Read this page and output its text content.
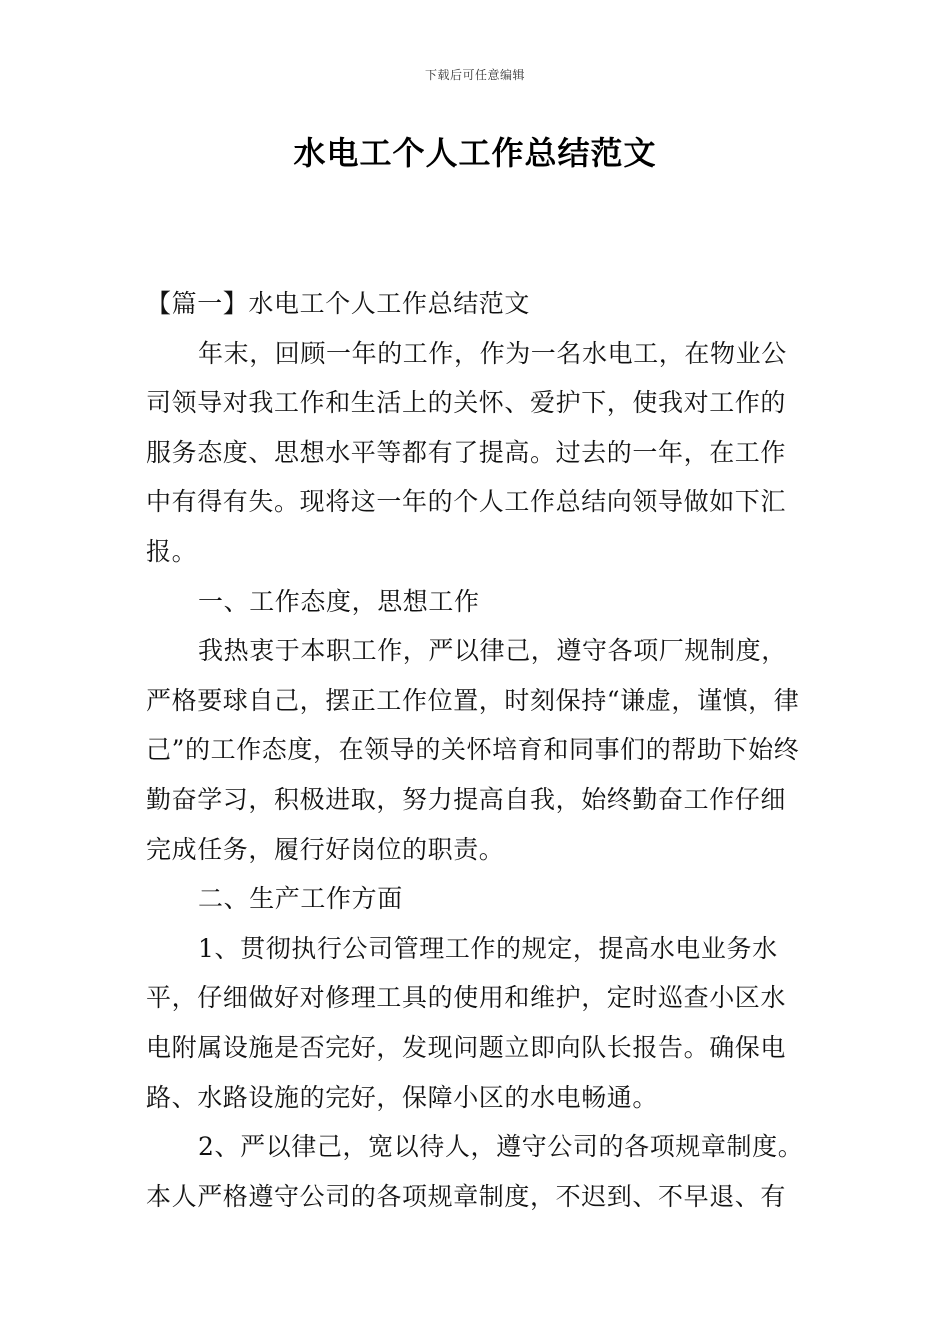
下载后可任意编辑
水电工个人工作总结范文

【篇一】水电工个人工作总结范文

年末，回顾一年的工作，作为一名水电工，在物业公司领导对我工作和生活上的关怀、爱护下，使我对工作的服务态度、思想水平等都有了提高。过去的一年，在工作中有得有失。现将这一年的个人工作总结向领导做如下汇报。

一、工作态度，思想工作

我热衷于本职工作，严以律己，遵守各项厂规制度，严格要球自己，摆正工作位置，时刻保持“谦虚，谨慎，律己”的工作态度，在领导的关怀培育和同事们的帮助下始终勤奋学习，积极进取，努力提高自我，始终勤奋工作仔细完成任务，履行好岗位的职责。

二、生产工作方面

1、贯彻执行公司管理工作的规定，提高水电业务水平，仔细做好对修理工具的使用和维护，定时巡查小区水电附属设施是否完好，发现问题立即向队长报告。确保电路、水路设施的完好，保障小区的水电畅通。

2、严以律己，宽以待人，遵守公司的各项规章制度。本人严格遵守公司的各项规章制度，不迟到、不早退、有
